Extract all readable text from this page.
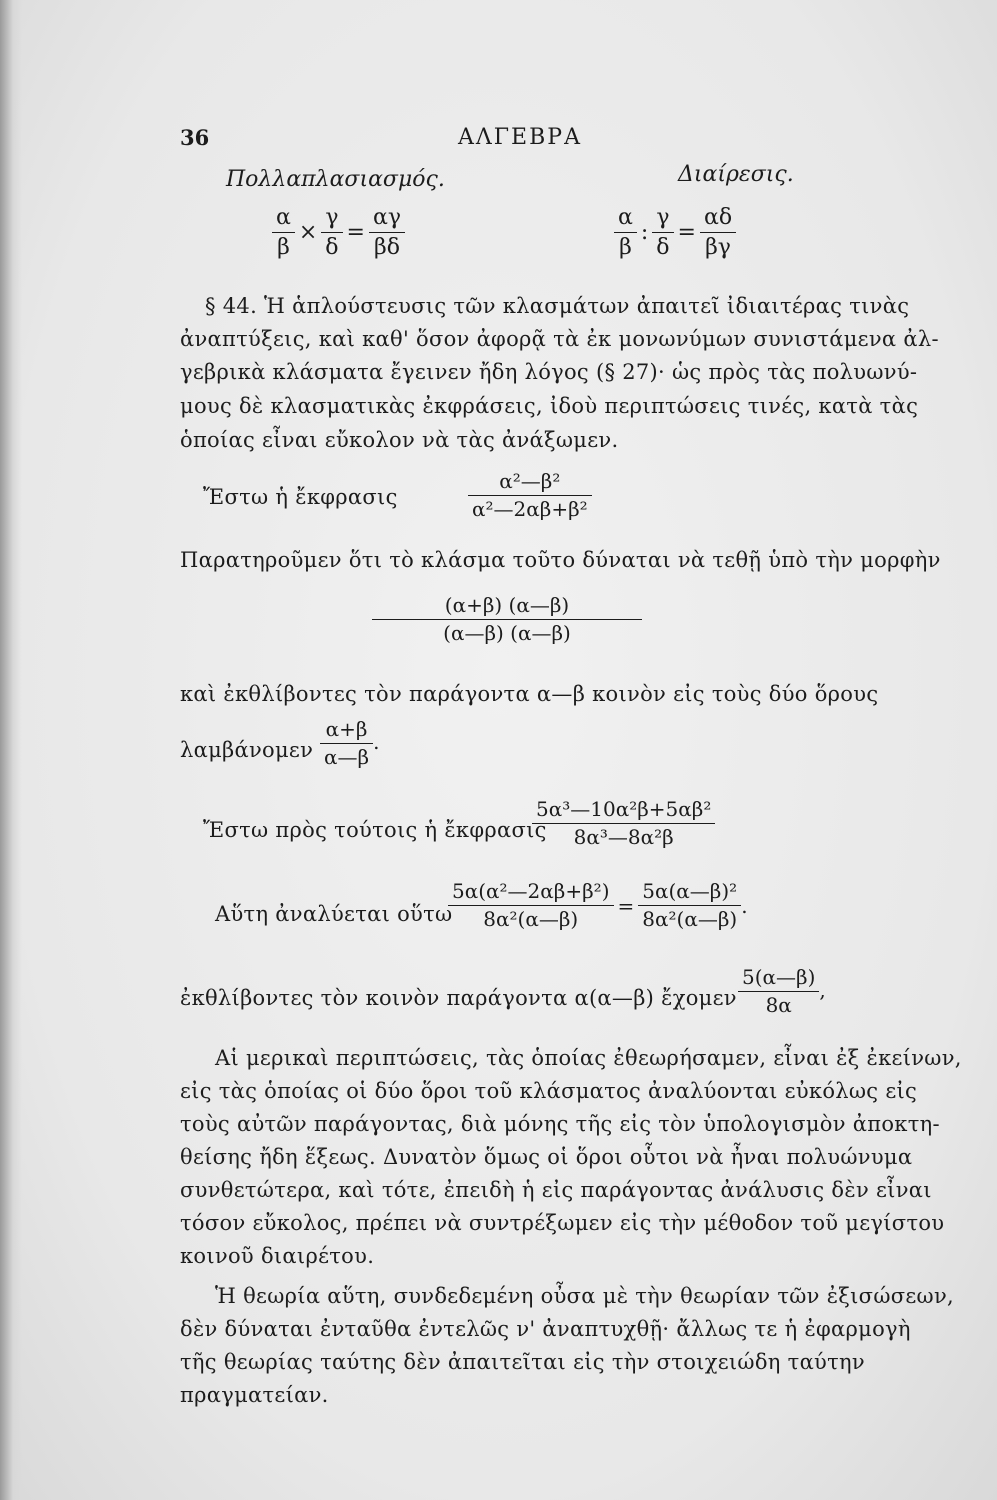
36	ΑΛΓΕΒΡΑ
Πολλαπλασιασμός.	Διαίρεσις.
$\frac{\alpha}{\beta} \times \frac{\gamma}{\delta} = \frac{\alpha\gamma}{\beta\delta}$	$\frac{\alpha}{\beta}$ : $\frac{\gamma}{\delta} = \frac{\alpha\delta}{\beta\gamma}$
§ 44. Ἡ ἁπλούστευσις τῶν κλασμάτων ἀπαιτεῖ ἰδιαιτέρας τινὰς
ἀναπτύξεις, καὶ καθ' ὅσον ἀφορᾷ τὰ ἐκ μονωνύμων συνιστάμενα ἀλ-
γεβρικὰ κλάσματα ἔγεινεν ἤδη λόγος (§ 27)· ὡς πρὸς τὰς πολυωνύ-
μους δὲ κλασματικὰς ἐκφράσεις, ἰδοὺ περιπτώσεις τινές, κατὰ τὰς
ὁποίας εἶναι εὔκολον νὰ τὰς ἀνάξωμεν.
Ἔστω ἡ ἔκφρασις	$\frac{\text{α²—β²}}{\text{α²—2αβ+β²}}$
Παρατηροῦμεν ὅτι τὸ κλάσμα τοῦτο δύναται νὰ τεθῇ ὑπὸ τὴν μορφὴν
$\frac{(\alpha+\beta) (\alpha—\beta)}{(\alpha—\beta) (\alpha—\beta)}$
καὶ ἐκθλίβοντες τὸν παράγοντα α—β κοινὸν εἰς τοὺς δύο ὅρους
λαμβάνομεν $\frac{\alpha+\beta}{\alpha—\beta}$ .
Ἔστω πρὸς τούτοις ἡ ἔκφρασις
$\frac{\text{5α³—10α²β+5αβ²}}{\text{8α³—8α²β}}$
Αὕτη ἀναλύεται οὕτω
$\frac{\text{5α(α²—2αβ+β²)}}{\text{8α²(α—β)}} = \frac{\text{5α(α—β)²}}{\text{8α²(α—β)}}$ .
ἐκθλίβοντες τὸν κοινὸν παράγοντα α(α—β) ἔχομεν $\frac{5(\alpha—\beta)}{8\alpha}$ ,
Αἱ μερικαὶ περιπτώσεις, τὰς ὁποίας ἐθεωρήσαμεν, εἶναι ἐξ ἐκείνων,
εἰς τὰς ὁποίας οἱ δύο ὅροι τοῦ κλάσματος ἀναλύονται εὐκόλως εἰς
τοὺς αὐτῶν παράγοντας, διὰ μόνης τῆς εἰς τὸν ὑπολογισμὸν ἀποκτη-
θείσης ἤδη ἕξεως. Δυνατὸν ὅμως οἱ ὅροι οὗτοι νὰ ἦναι πολυώνυμα
συνθετώτερα, καὶ τότε, ἐπειδὴ ἡ εἰς παράγοντας ἀνάλυσις δὲν εἶναι
τόσον εὔκολος, πρέπει νὰ συντρέξωμεν εἰς τὴν μέθοδον τοῦ μεγίστου
κοινοῦ διαιρέτου.
Ἡ θεωρία αὕτη, συνδεδεμένη οὖσα μὲ τὴν θεωρίαν τῶν ἐξισώσεων,
δὲν δύναται ἐνταῦθα ἐντελῶς ν' ἀναπτυχθῇ· ἄλλως τε ἡ ἐφαρμογὴ
τῆς θεωρίας ταύτης δὲν ἀπαιτεῖται εἰς τὴν στοιχειώδη ταύτην
πραγματείαν.
